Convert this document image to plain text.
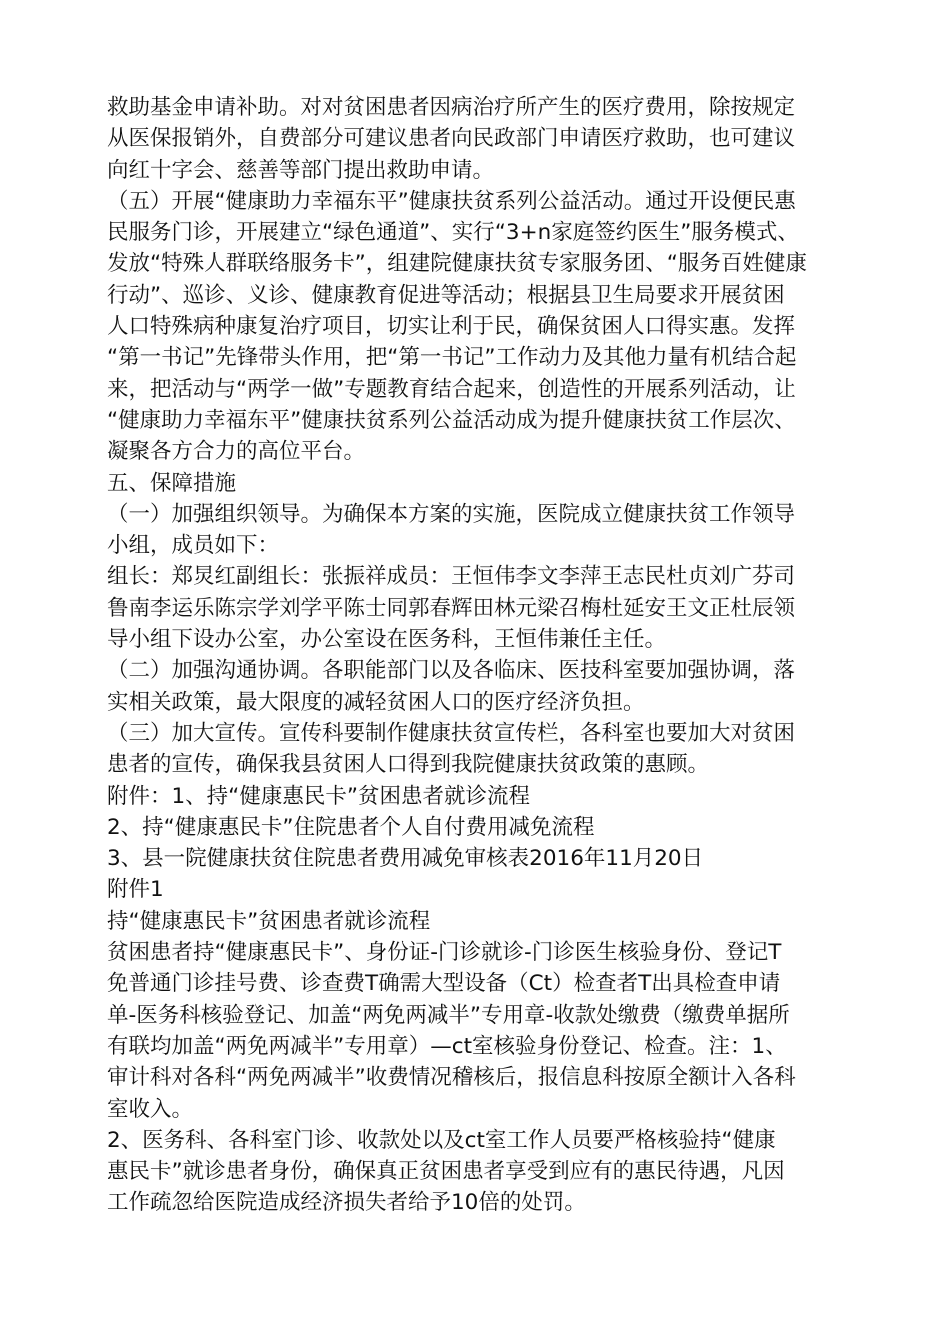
救助基金申请补助。对对贫困患者因病治疗所产生的医疗费用，除按规定
从医保报销外，自费部分可建议患者向民政部门申请医疗救助，也可建议
向红十字会、慈善等部门提出救助申请。
（五）开展“健康助力幸福东平”健康扶贫系列公益活动。通过开设便民惠
民服务门诊，开展建立“绿色通道”、实行“3+n家庭签约医生”服务模式、
发放“特殊人群联络服务卡”，组建院健康扶贫专家服务团、“服务百姓健康
行动”、巡诊、义诊、健康教育促进等活动；根据县卫生局要求开展贫困
人口特殊病种康复治疗项目，切实让利于民，确保贫困人口得实惠。发挥
“第一书记”先锋带头作用，把“第一书记”工作动力及其他力量有机结合起
来，把活动与“两学一做”专题教育结合起来，创造性的开展系列活动，让
“健康助力幸福东平”健康扶贫系列公益活动成为提升健康扶贫工作层次、
凝聚各方合力的高位平台。
五、保障措施
（一）加强组织领导。为确保本方案的实施，医院成立健康扶贫工作领导
小组，成员如下：
组长：郑炅红副组长：张振祥成员：王恒伟李文李萍王志民杜贞刘广芬司
鲁南李运乐陈宗学刘学平陈士同郭春辉田林元梁召梅杜延安王文正杜辰领
导小组下设办公室，办公室设在医务科，王恒伟兼任主任。
（二）加强沟通协调。各职能部门以及各临床、医技科室要加强协调，落
实相关政策，最大限度的减轻贫困人口的医疗经济负担。
（三）加大宣传。宣传科要制作健康扶贫宣传栏，各科室也要加大对贫困
患者的宣传，确保我县贫困人口得到我院健康扶贫政策的惠顾。
附件：1、持“健康惠民卡”贫困患者就诊流程
2、持“健康惠民卡”住院患者个人自付费用减免流程
3、县一院健康扶贫住院患者费用减免审核表2016年11月20日
附件1
持“健康惠民卡”贫困患者就诊流程
贫困患者持“健康惠民卡”、身份证-门诊就诊-门诊医生核验身份、登记T
免普通门诊挂号费、诊查费T确需大型设备（Ct）检查者T出具检查申请
单-医务科核验登记、加盖“两免两减半”专用章-收款处缴费（缴费单据所
有联均加盖“两免两减半”专用章）—ct室核验身份登记、检查。注：1、
审计科对各科“两免两减半”收费情况稽核后，报信息科按原全额计入各科
室收入。
2、医务科、各科室门诊、收款处以及ct室工作人员要严格核验持“健康
惠民卡”就诊患者身份，确保真正贫困患者享受到应有的惠民待遇，凡因
工作疏忽给医院造成经济损失者给予10倍的处罚。
